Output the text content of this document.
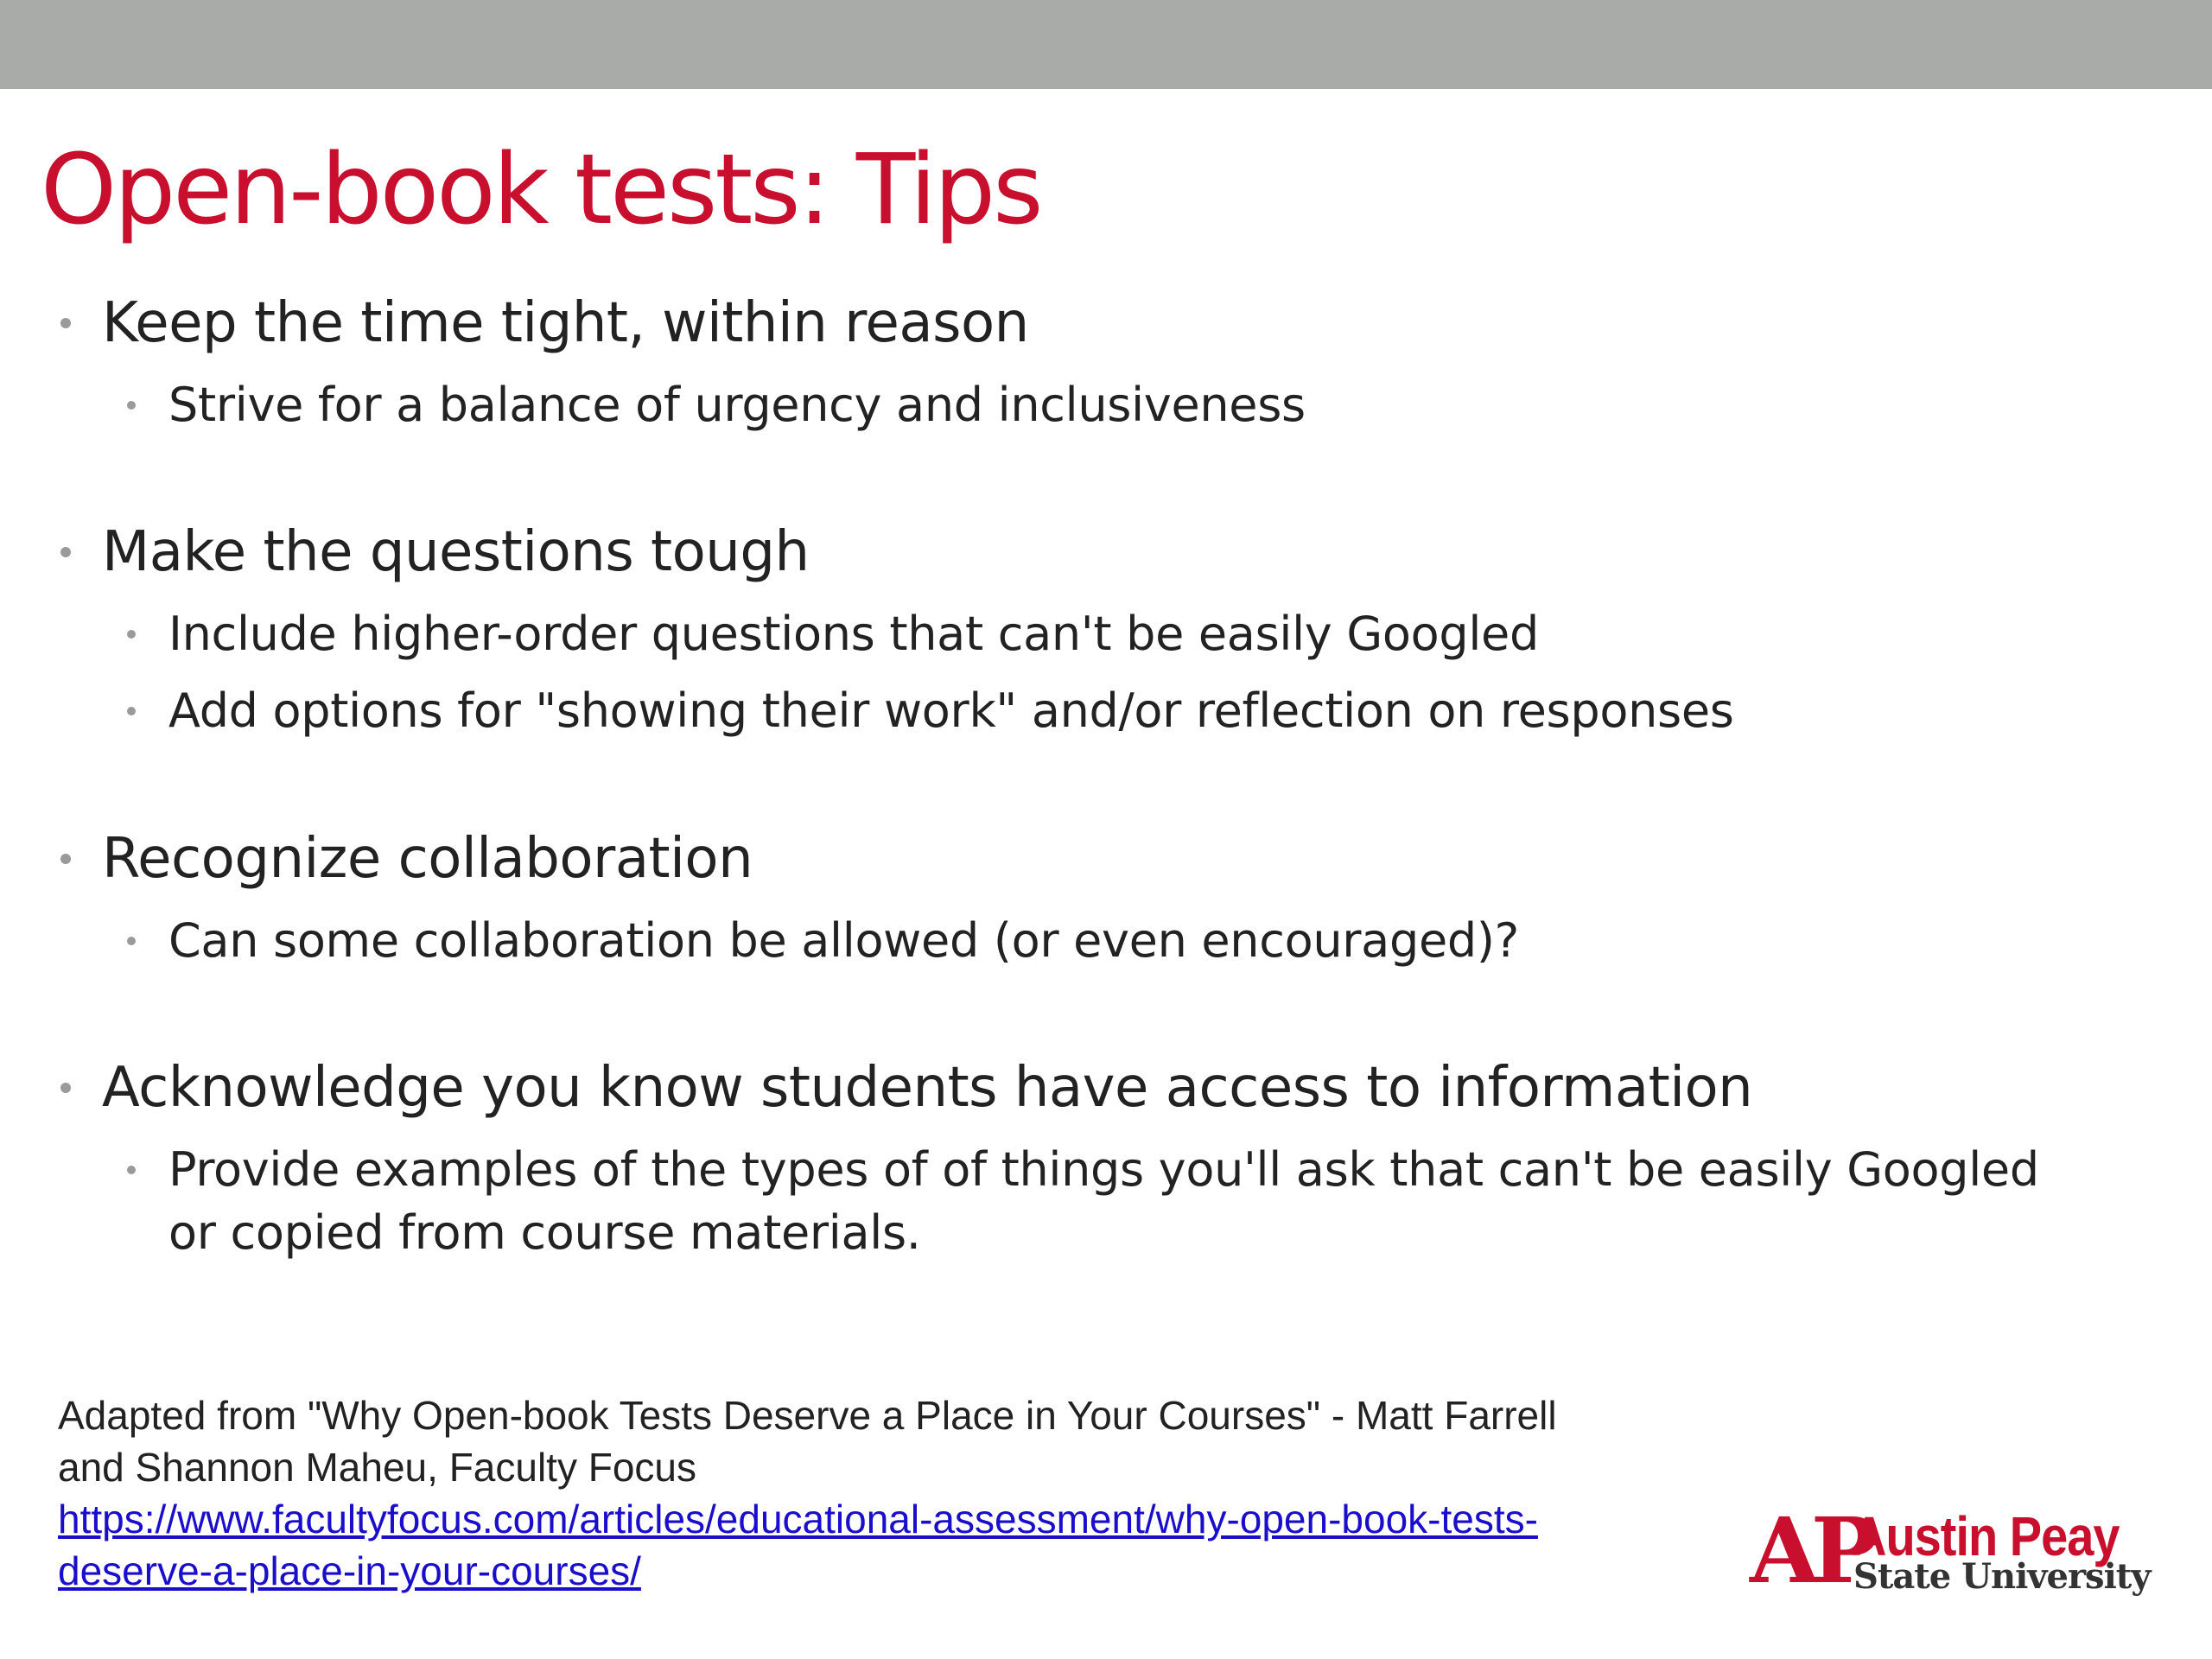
Open-book tests: Tips
Keep the time tight, within reason
Strive for a balance of urgency and inclusiveness
Make the questions tough
Include higher-order questions that can't be easily Googled
Add options for "showing their work" and/or reflection on responses
Recognize collaboration
Can some collaboration be allowed (or even encouraged)?
Acknowledge you know students have access to information
Provide examples of the types of of things you'll ask that can't be easily Googled
or copied from course materials.
Adapted from "Why Open-book Tests Deserve a Place in Your Courses" - Matt Farrell
and Shannon Maheu, Faculty Focus
https://www.facultyfocus.com/articles/educational-assessment/why-open-book-tests-
deserve-a-place-in-your-courses/	AP
Austin Peay
State University
